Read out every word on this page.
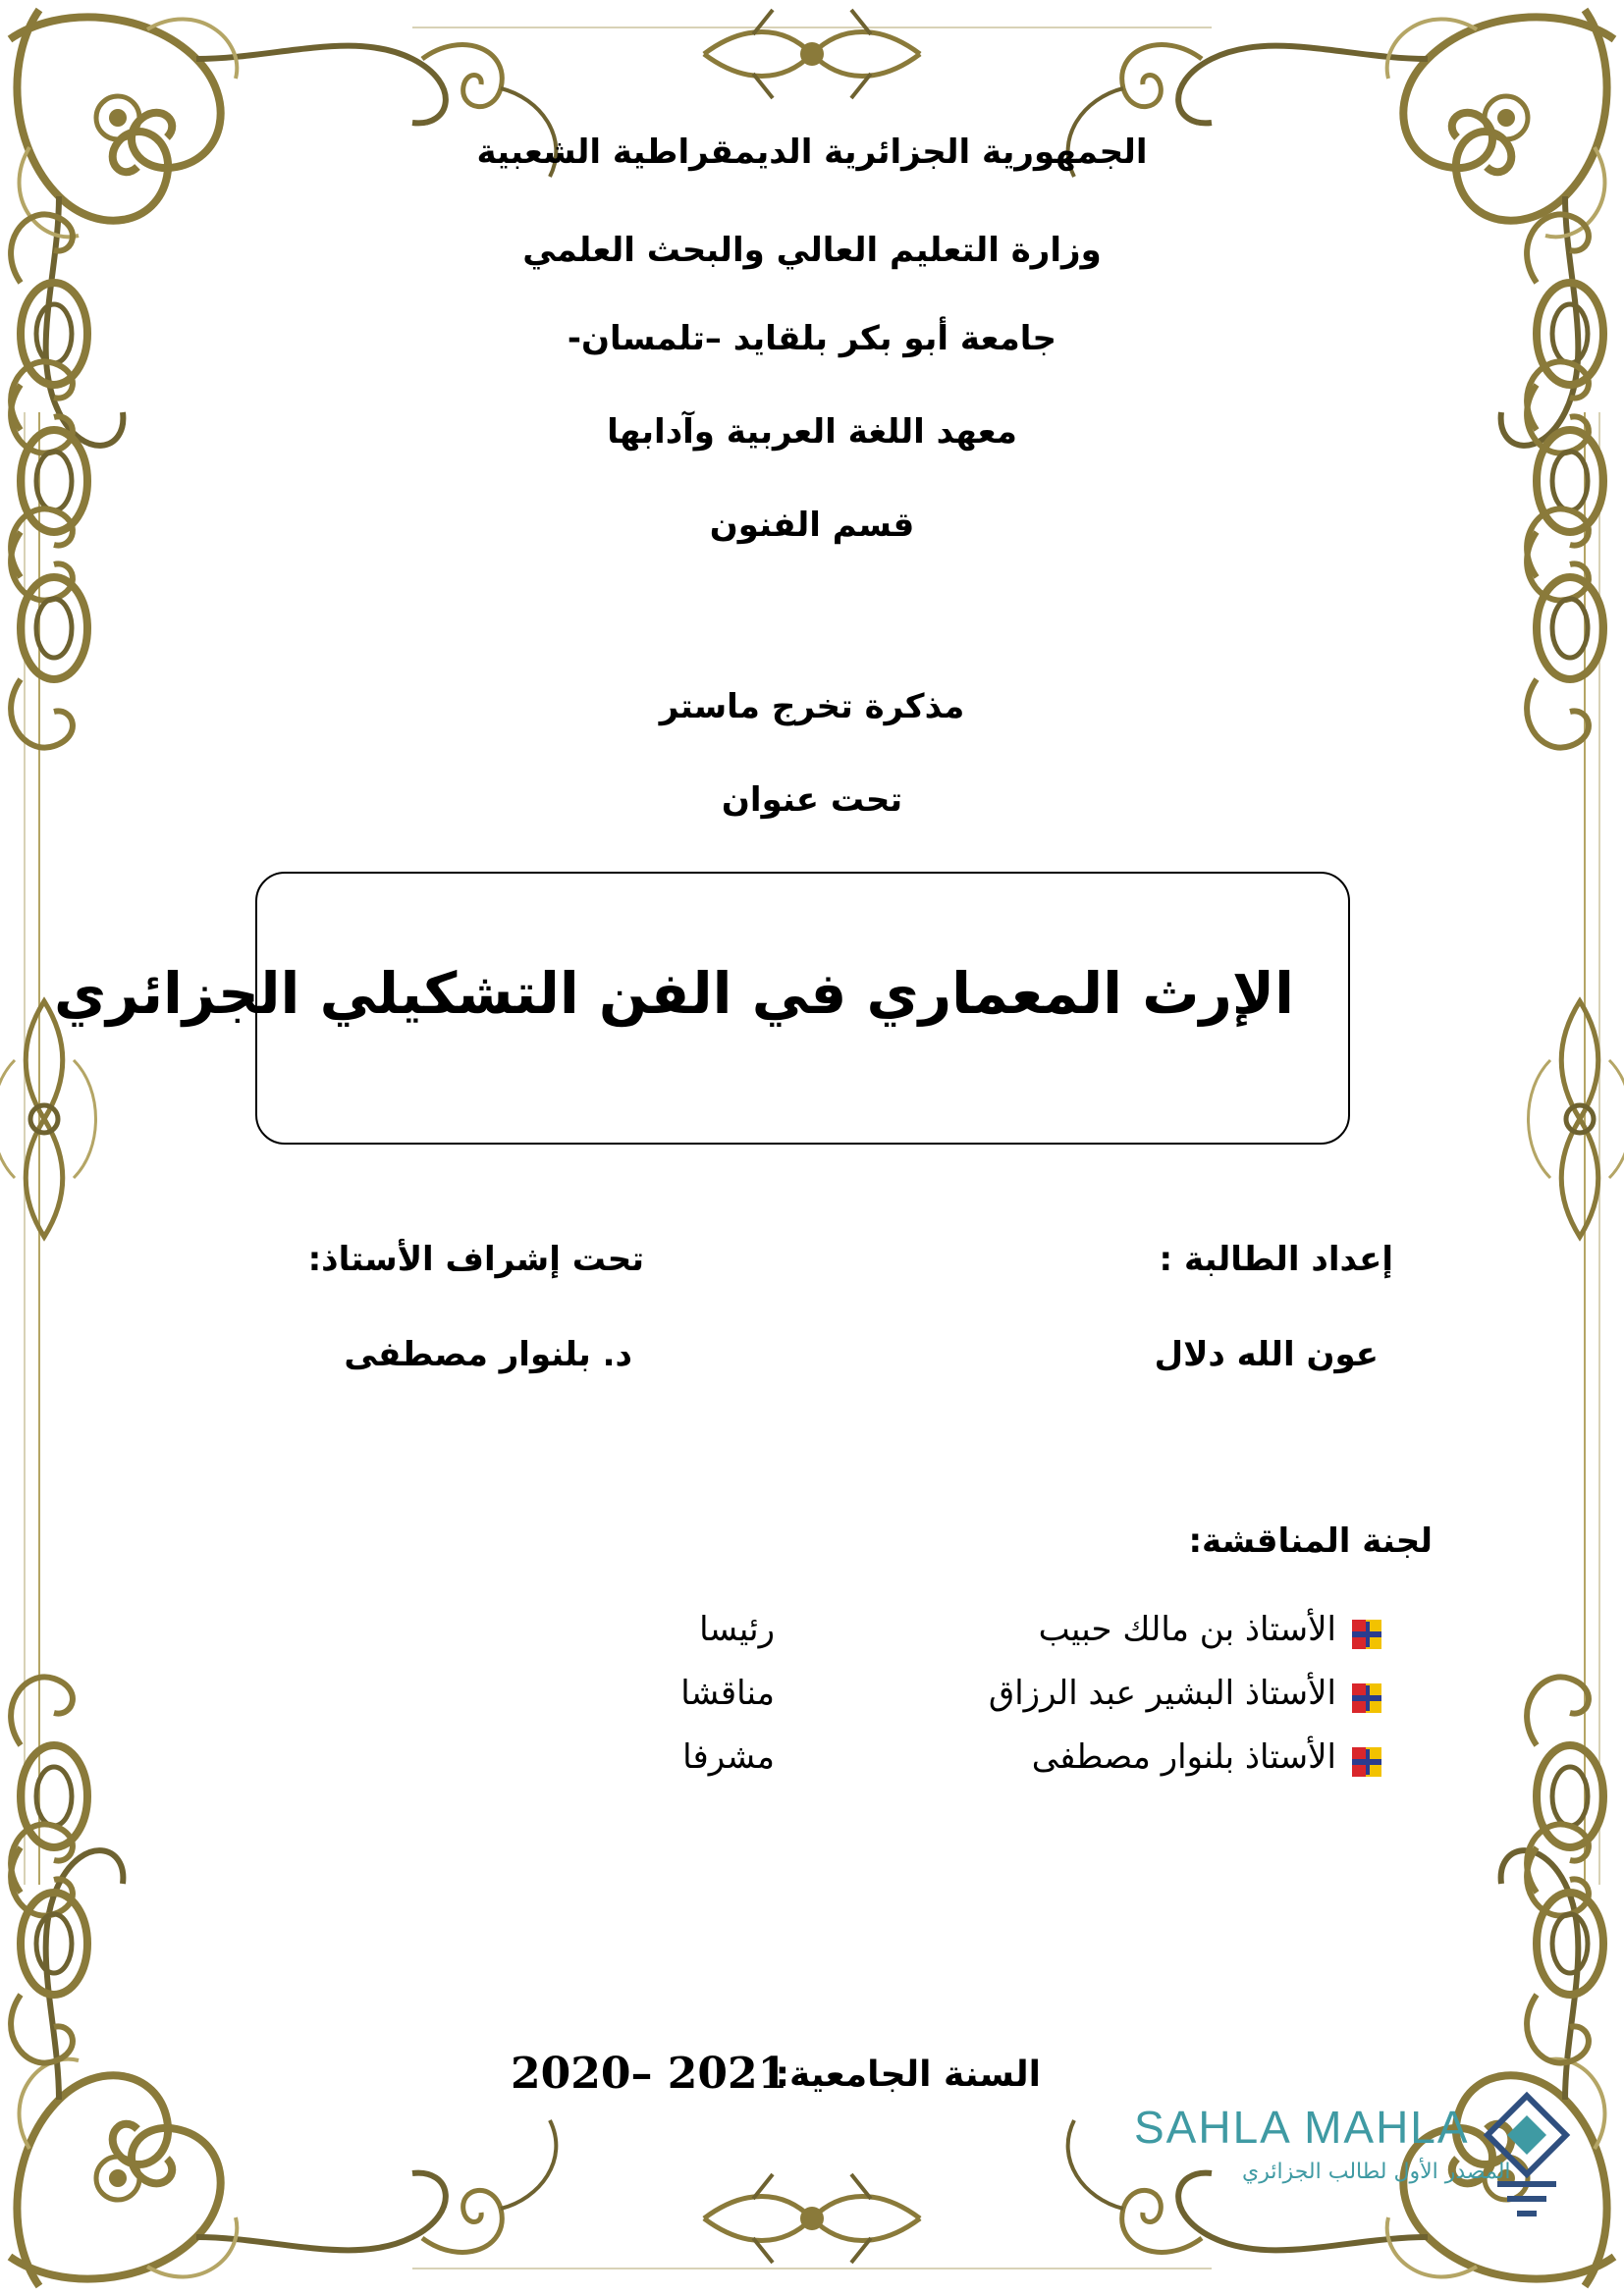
الجمهورية الجزائرية الديمقراطية الشعبية
وزارة التعليم العالي والبحث العلمي
جامعة أبو بكر بلقايد –تلمسان-
معهد اللغة العربية وآدابها
قسم الفنون
مذكرة تخرج ماستر
تحت عنوان
الإرث المعماري في الفن التشكيلي الجزائري
إعداد الطالبة :
عون الله دلال
تحت إشراف الأستاذ:
د. بلنوار مصطفى
لجنة المناقشة:
الأستاذ بن مالك حبيب
رئيسا
الأستاذ البشير عبد الرزاق
مناقشا
الأستاذ بلنوار مصطفى
مشرفا
السنة الجامعية:
2020– 2021
SAHLA MAHLA
المصدر الأول لطالب الجزائري
